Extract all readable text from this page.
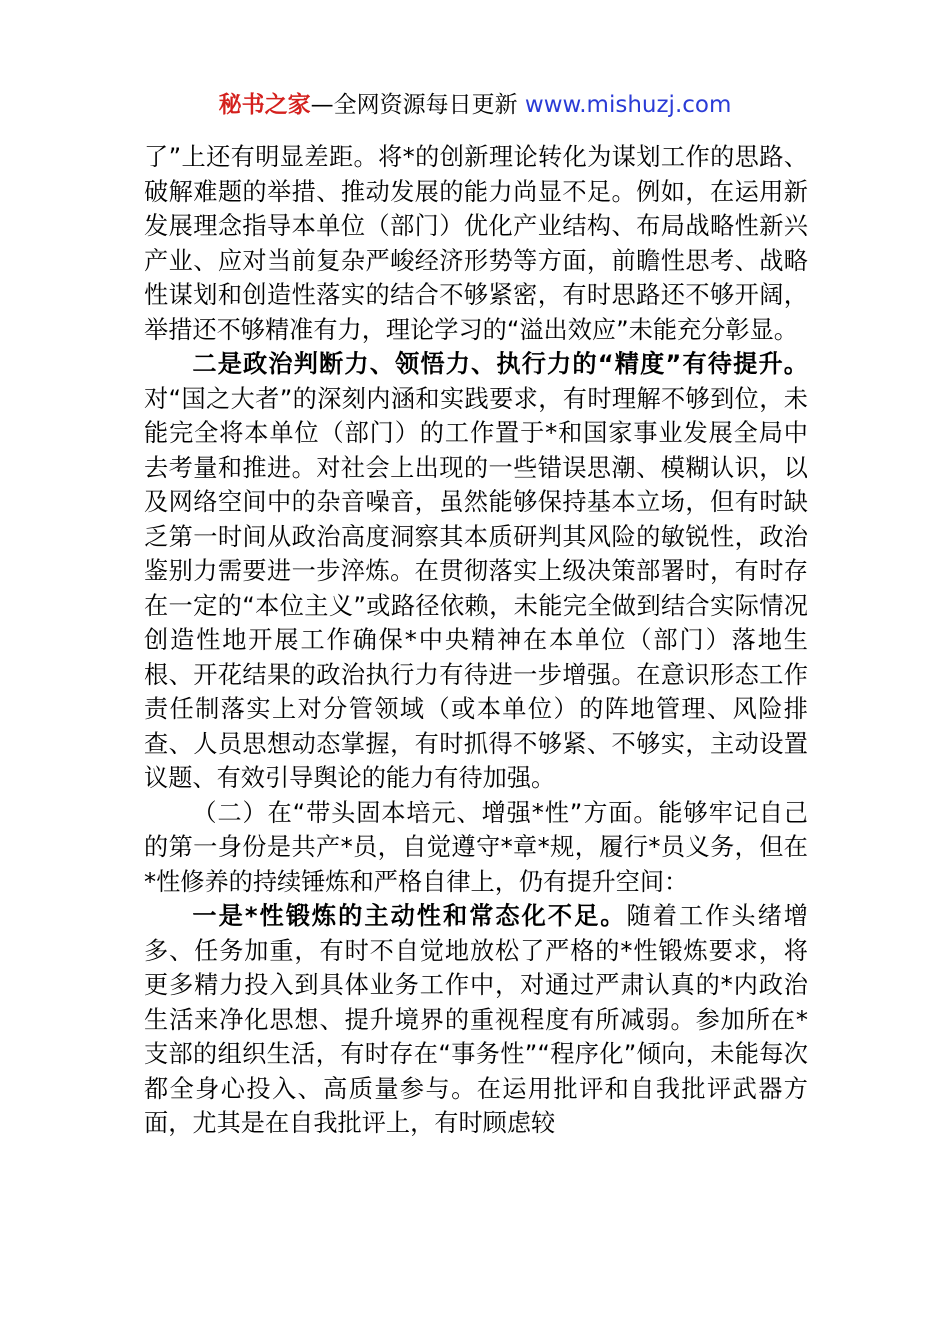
秘书之家—全网资源每日更新 www.mishuzj.com

了”上还有明显差距。将*的创新理论转化为谋划工作的思路、破解难题的举措、推动发展的能力尚显不足。例如，在运用新发展理念指导本单位（部门）优化产业结构、布局战略性新兴产业、应对当前复杂严峻经济形势等方面，前瞻性思考、战略性谋划和创造性落实的结合不够紧密，有时思路还不够开阔，举措还不够精准有力，理论学习的“溢出效应”未能充分彰显。

二是政治判断力、领悟力、执行力的“精度”有待提升。对“国之大者”的深刻内涵和实践要求，有时理解不够到位，未能完全将本单位（部门）的工作置于*和国家事业发展全局中去考量和推进。对社会上出现的一些错误思潮、模糊认识，以及网络空间中的杂音噪音，虽然能够保持基本立场，但有时缺乏第一时间从政治高度洞察其本质研判其风险的敏锐性，政治鉴别力需要进一步淬炼。在贯彻落实上级决策部署时，有时存在一定的“本位主义”或路径依赖，未能完全做到结合实际情况创造性地开展工作确保*中央精神在本单位（部门）落地生根、开花结果的政治执行力有待进一步增强。在意识形态工作责任制落实上对分管领域（或本单位）的阵地管理、风险排查、人员思想动态掌握，有时抓得不够紧、不够实，主动设置议题、有效引导舆论的能力有待加强。

（二）在“带头固本培元、增强*性”方面。能够牢记自己的第一身份是共产*员，自觉遵守*章*规，履行*员义务，但在*性修养的持续锤炼和严格自律上，仍有提升空间：

一是*性锻炼的主动性和常态化不足。随着工作头绪增多、任务加重，有时不自觉地放松了严格的*性锻炼要求，将更多精力投入到具体业务工作中，对通过严肃认真的*内政治生活来净化思想、提升境界的重视程度有所减弱。参加所在*支部的组织生活，有时存在“事务性”“程序化”倾向，未能每次都全身心投入、高质量参与。在运用批评和自我批评武器方面，尤其是在自我批评上，有时顾虑较
